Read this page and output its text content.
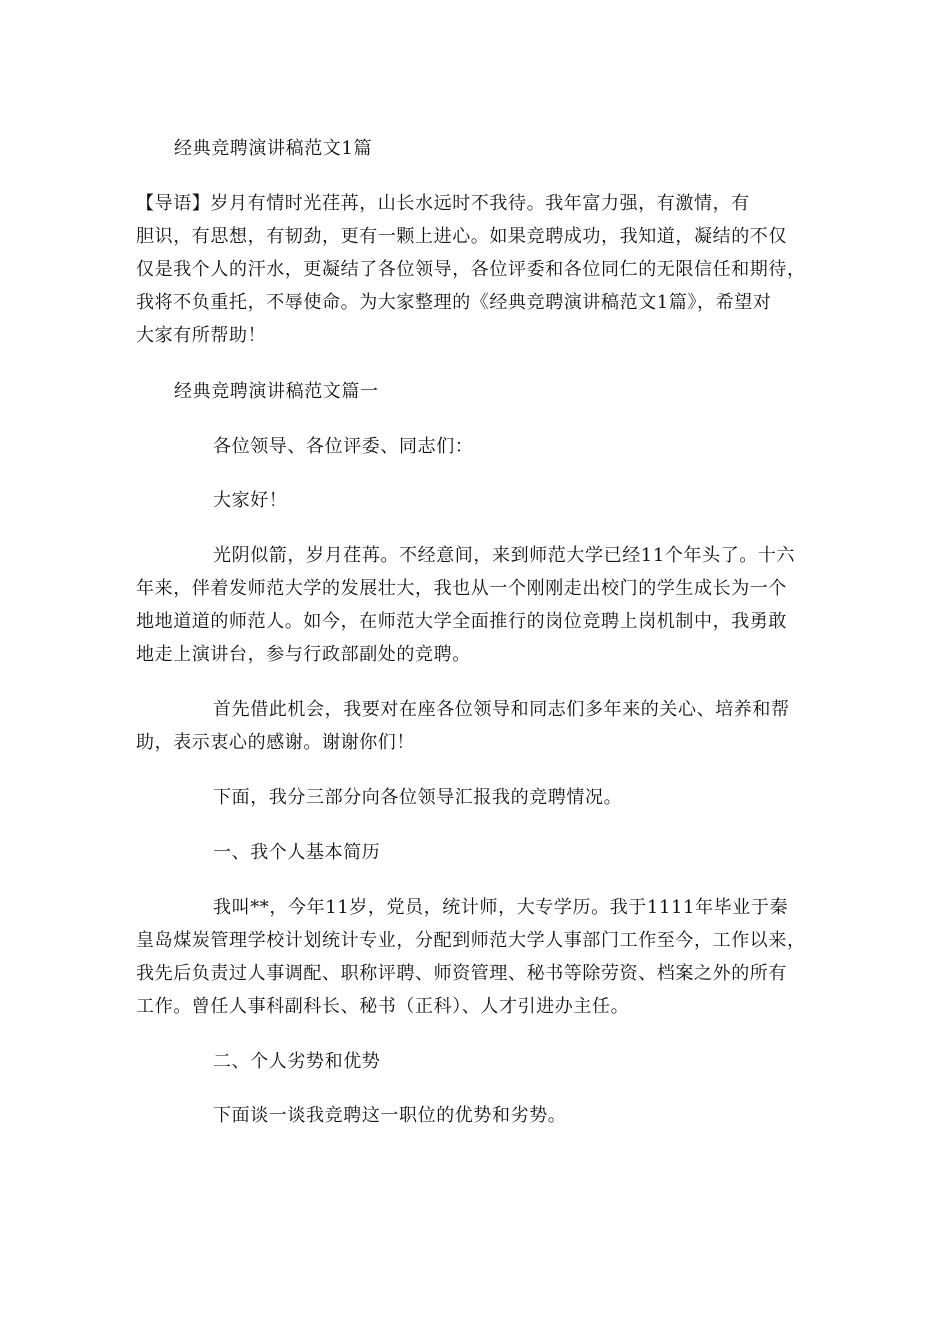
经典竞聘演讲稿范文1篇
【导语】岁月有情时光荏苒，山长水远时不我待。我年富力强，有激情，有
胆识，有思想，有韧劲，更有一颗上进心。如果竞聘成功，我知道，凝结的不仅
仅是我个人的汗水，更凝结了各位领导，各位评委和各位同仁的无限信任和期待，
我将不负重托，不辱使命。为大家整理的《经典竞聘演讲稿范文1篇》，希望对
大家有所帮助！
经典竞聘演讲稿范文篇一
各位领导、各位评委、同志们：
大家好！
光阴似箭，岁月荏苒。不经意间，来到师范大学已经11个年头了。十六
年来，伴着发师范大学的发展壮大，我也从一个刚刚走出校门的学生成长为一个
地地道道的师范人。如今，在师范大学全面推行的岗位竞聘上岗机制中，我勇敢
地走上演讲台，参与行政部副处的竞聘。
首先借此机会，我要对在座各位领导和同志们多年来的关心、培养和帮
助，表示衷心的感谢。谢谢你们！
下面，我分三部分向各位领导汇报我的竞聘情况。
一、我个人基本简历
我叫**，今年11岁，党员，统计师，大专学历。我于1111年毕业于秦
皇岛煤炭管理学校计划统计专业，分配到师范大学人事部门工作至今，工作以来，
我先后负责过人事调配、职称评聘、师资管理、秘书等除劳资、档案之外的所有
工作。曾任人事科副科长、秘书（正科）、人才引进办主任。
二、个人劣势和优势
下面谈一谈我竞聘这一职位的优势和劣势。
